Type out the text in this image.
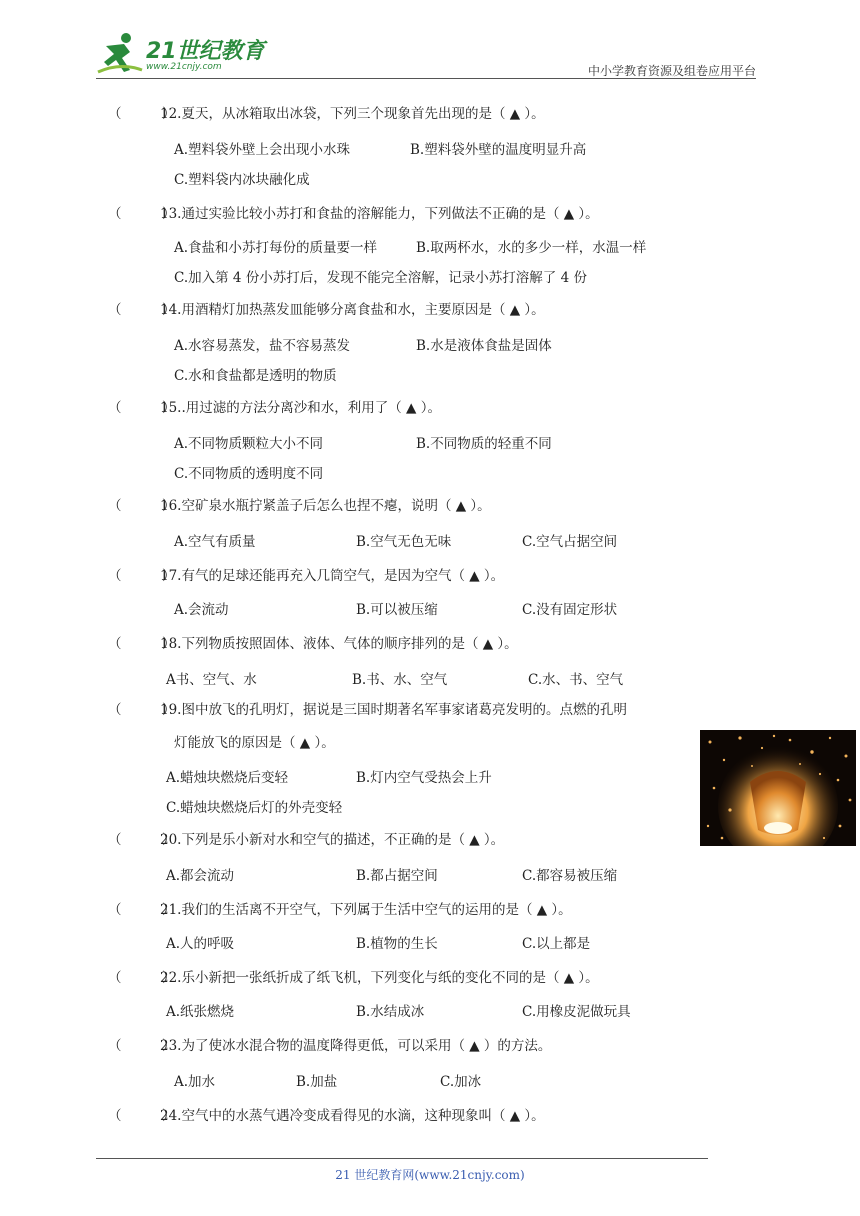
21世纪教育
www.21cnjy.com	中小学教育资源及组卷应用平台
（　　　）12.夏天，从冰箱取出冰袋，下列三个现象首先出现的是（ ▲ ）。
A.塑料袋外壁上会出现小水珠	B.塑料袋外壁的温度明显升高
C.塑料袋内冰块融化成
（　　　）13.通过实验比较小苏打和食盐的溶解能力，下列做法不正确的是（ ▲ ）。
A.食盐和小苏打每份的质量要一样	B.取两杯水，水的多少一样，水温一样
C.加入第 4 份小苏打后，发现不能完全溶解，记录小苏打溶解了 4 份
（　　　）14.用酒精灯加热蒸发皿能够分离食盐和水，主要原因是（ ▲ ）。
A.水容易蒸发，盐不容易蒸发	B.水是液体食盐是固体
C.水和食盐都是透明的物质
（　　　）15..用过滤的方法分离沙和水，利用了（ ▲ ）。
A.不同物质颗粒大小不同	B.不同物质的轻重不同
C.不同物质的透明度不同
（　　　）16.空矿泉水瓶拧紧盖子后怎么也捏不瘪，说明（ ▲ ）。
A.空气有质量	B.空气无色无味	C.空气占据空间
（　　　）17.有气的足球还能再充入几筒空气，是因为空气（ ▲ ）。
A.会流动	B.可以被压缩	C.没有固定形状
（　　　）18.下列物质按照固体、液体、气体的顺序排列的是（ ▲ ）。
A书、空气、水	B.书、水、空气	C.水、书、空气
（　　　）19.图中放飞的孔明灯，据说是三国时期著名军事家诸葛亮发明的。点燃的孔明
灯能放飞的原因是（ ▲ ）。
A.蜡烛块燃烧后变轻	B.灯内空气受热会上升
C.蜡烛块燃烧后灯的外壳变轻
（　　　）20.下列是乐小新对水和空气的描述，不正确的是（ ▲ ）。
A.都会流动	B.都占据空间	C.都容易被压缩
（　　　）21.我们的生活离不开空气，下列属于生活中空气的运用的是（ ▲ ）。
A.人的呼吸	B.植物的生长	C.以上都是
（　　　）22.乐小新把一张纸折成了纸飞机，下列变化与纸的变化不同的是（ ▲ ）。
A.纸张燃烧	B.水结成冰	C.用橡皮泥做玩具
（　　　）23.为了使冰水混合物的温度降得更低，可以采用（ ▲ ）的方法。
A.加水	B.加盐	C.加冰
（　　　）24.空气中的水蒸气遇冷变成看得见的水滴，这种现象叫（ ▲ ）。
21 世纪教育网(www.21cnjy.com)
